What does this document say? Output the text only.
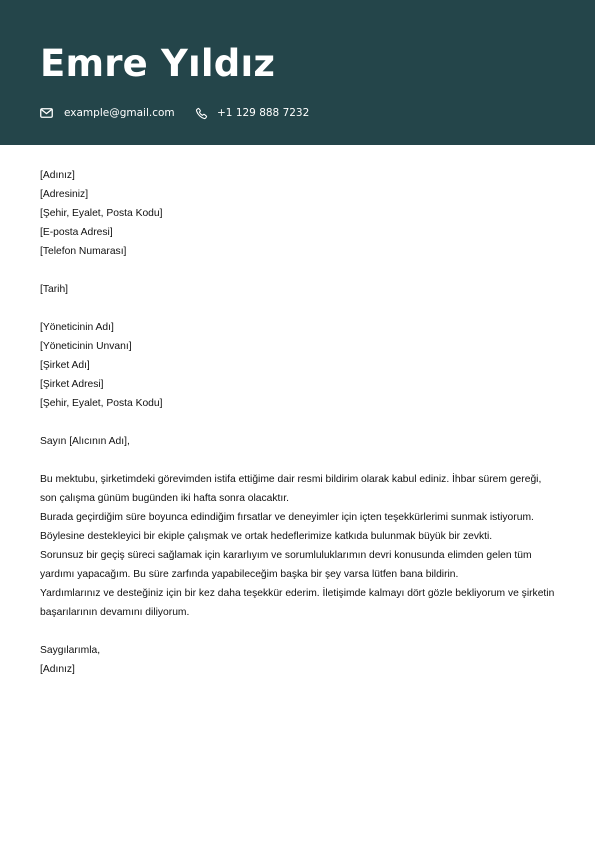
Emre Yıldız
example@gmail.com	+1 129 888 7232
[Adınız]
[Adresiniz]
[Şehir, Eyalet, Posta Kodu]
[E-posta Adresi]
[Telefon Numarası]
[Tarih]
[Yöneticinin Adı]
[Yöneticinin Unvanı]
[Şirket Adı]
[Şirket Adresi]
[Şehir, Eyalet, Posta Kodu]
Sayın [Alıcının Adı],
Bu mektubu, şirketimdeki görevimden istifa ettiğime dair resmi bildirim olarak kabul ediniz. İhbar sürem gereği,
son çalışma günüm bugünden iki hafta sonra olacaktır.
Burada geçirdiğim süre boyunca edindiğim fırsatlar ve deneyimler için içten teşekkürlerimi sunmak istiyorum.
Böylesine destekleyici bir ekiple çalışmak ve ortak hedeflerimize katkıda bulunmak büyük bir zevkti.
Sorunsuz bir geçiş süreci sağlamak için kararlıyım ve sorumluluklarımın devri konusunda elimden gelen tüm
yardımı yapacağım. Bu süre zarfında yapabileceğim başka bir şey varsa lütfen bana bildirin.
Yardımlarınız ve desteğiniz için bir kez daha teşekkür ederim. İletişimde kalmayı dört gözle bekliyorum ve şirketin
başarılarının devamını diliyorum.
Saygılarımla,
[Adınız]
